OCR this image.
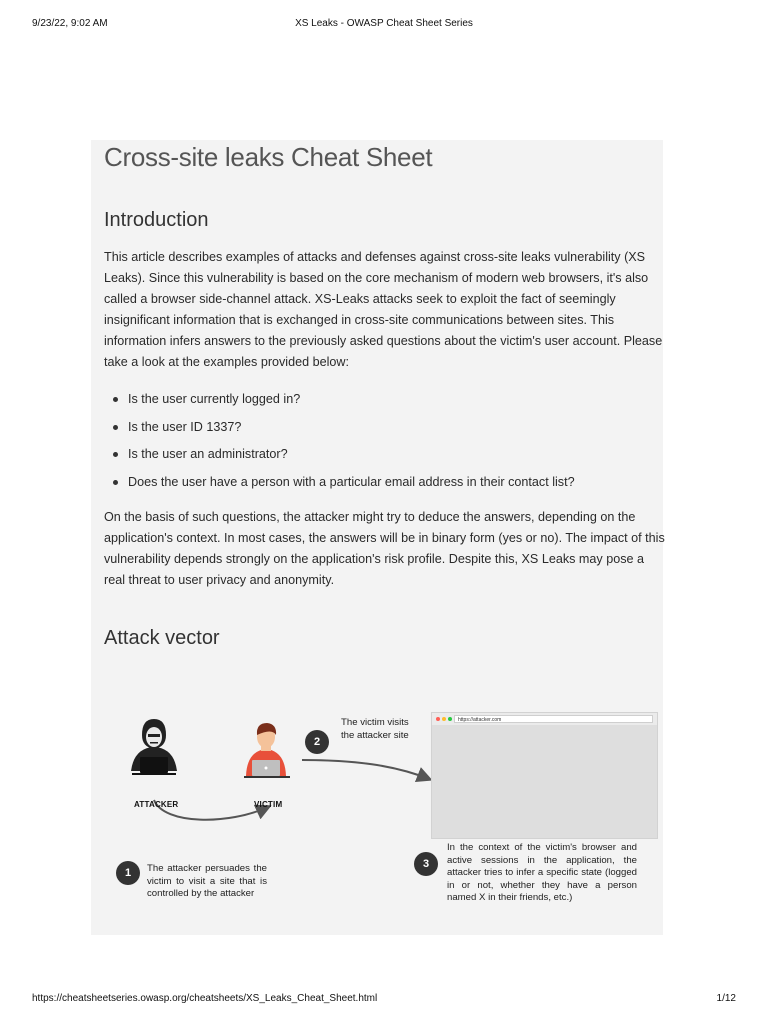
9/23/22, 9:02 AM	XS Leaks - OWASP Cheat Sheet Series
Cross-site leaks Cheat Sheet
Introduction

This article describes examples of attacks and defenses against cross-site leaks vulnerability (XS Leaks). Since this vulnerability is based on the core mechanism of modern web browsers, it's also called a browser side-channel attack. XS-Leaks attacks seek to exploit the fact of seemingly insignificant information that is exchanged in cross-site communications between sites. This information infers answers to the previously asked questions about the victim's user account. Please take a look at the examples provided below:

Is the user currently logged in?
Is the user ID 1337?
Is the user an administrator?
Does the user have a person with a particular email address in their contact list?

On the basis of such questions, the attacker might try to deduce the answers, depending on the application's context. In most cases, the answers will be in binary form (yes or no). The impact of this vulnerability depends strongly on the application's risk profile. Despite this, XS Leaks may pose a real threat to user privacy and anonymity.

Attack vector
ATTACKER	VICTIM
https://attacker.com
1	The attacker persuades the victim to visit a site that is controlled by the attacker
2
The victim visits the attacker site
3
In the context of the victim's browser and active sessions in the application, the attacker tries to infer a specific state (logged in or not, whether they have a person named X in their friends, etc.)
https://cheatsheetseries.owasp.org/cheatsheets/XS_Leaks_Cheat_Sheet.html	1/12
